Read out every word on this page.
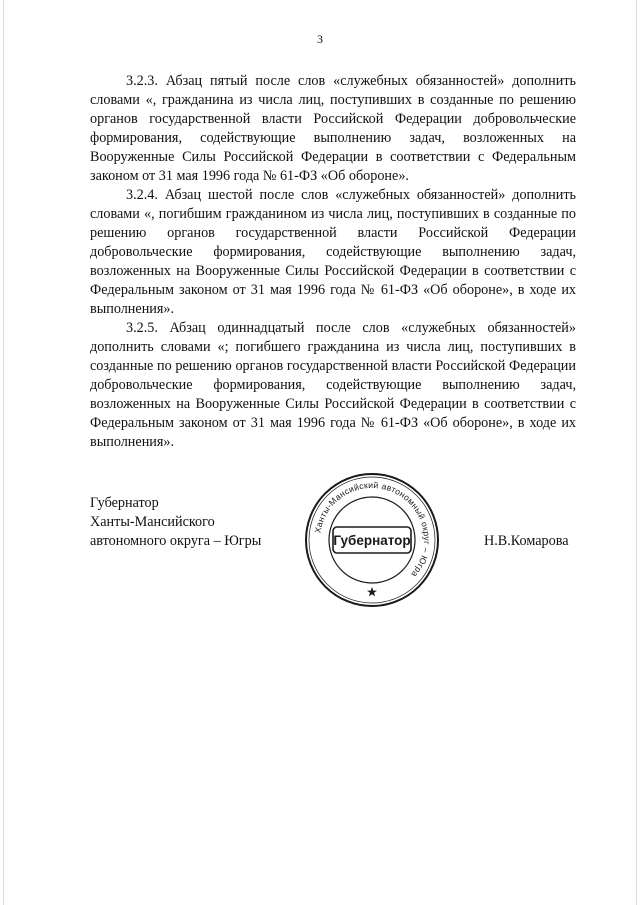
3

3.2.3. Абзац пятый после слов «служебных обязанностей» дополнить словами «, гражданина из числа лиц, поступивших в созданные по решению органов государственной власти Российской Федерации добровольческие формирования, содействующие выполнению задач, возложенных на Вооруженные Силы Российской Федерации в соответствии с Федеральным законом от 31 мая 1996 года № 61-ФЗ «Об обороне».

3.2.4. Абзац шестой после слов «служебных обязанностей» дополнить словами «, погибшим гражданином из числа лиц, поступивших в созданные по решению органов государственной власти Российской Федерации добровольческие формирования, содействующие выполнению задач, возложенных на Вооруженные Силы Российской Федерации в соответствии с Федеральным законом от 31 мая 1996 года № 61-ФЗ «Об обороне», в ходе их выполнения».

3.2.5. Абзац одиннадцатый после слов «служебных обязанностей» дополнить словами «; погибшего гражданина из числа лиц, поступивших в созданные по решению органов государственной власти Российской Федерации добровольческие формирования, содействующие выполнению задач, возложенных на Вооруженные Силы Российской Федерации в соответствии с Федеральным законом от 31 мая 1996 года № 61-ФЗ «Об обороне», в ходе их выполнения».

Губернатор
Ханты-Мансийского
автономного округа – Югры
Ханты-Мансийский автономный округ – Югра
Губернатор	Н.В.Комарова
